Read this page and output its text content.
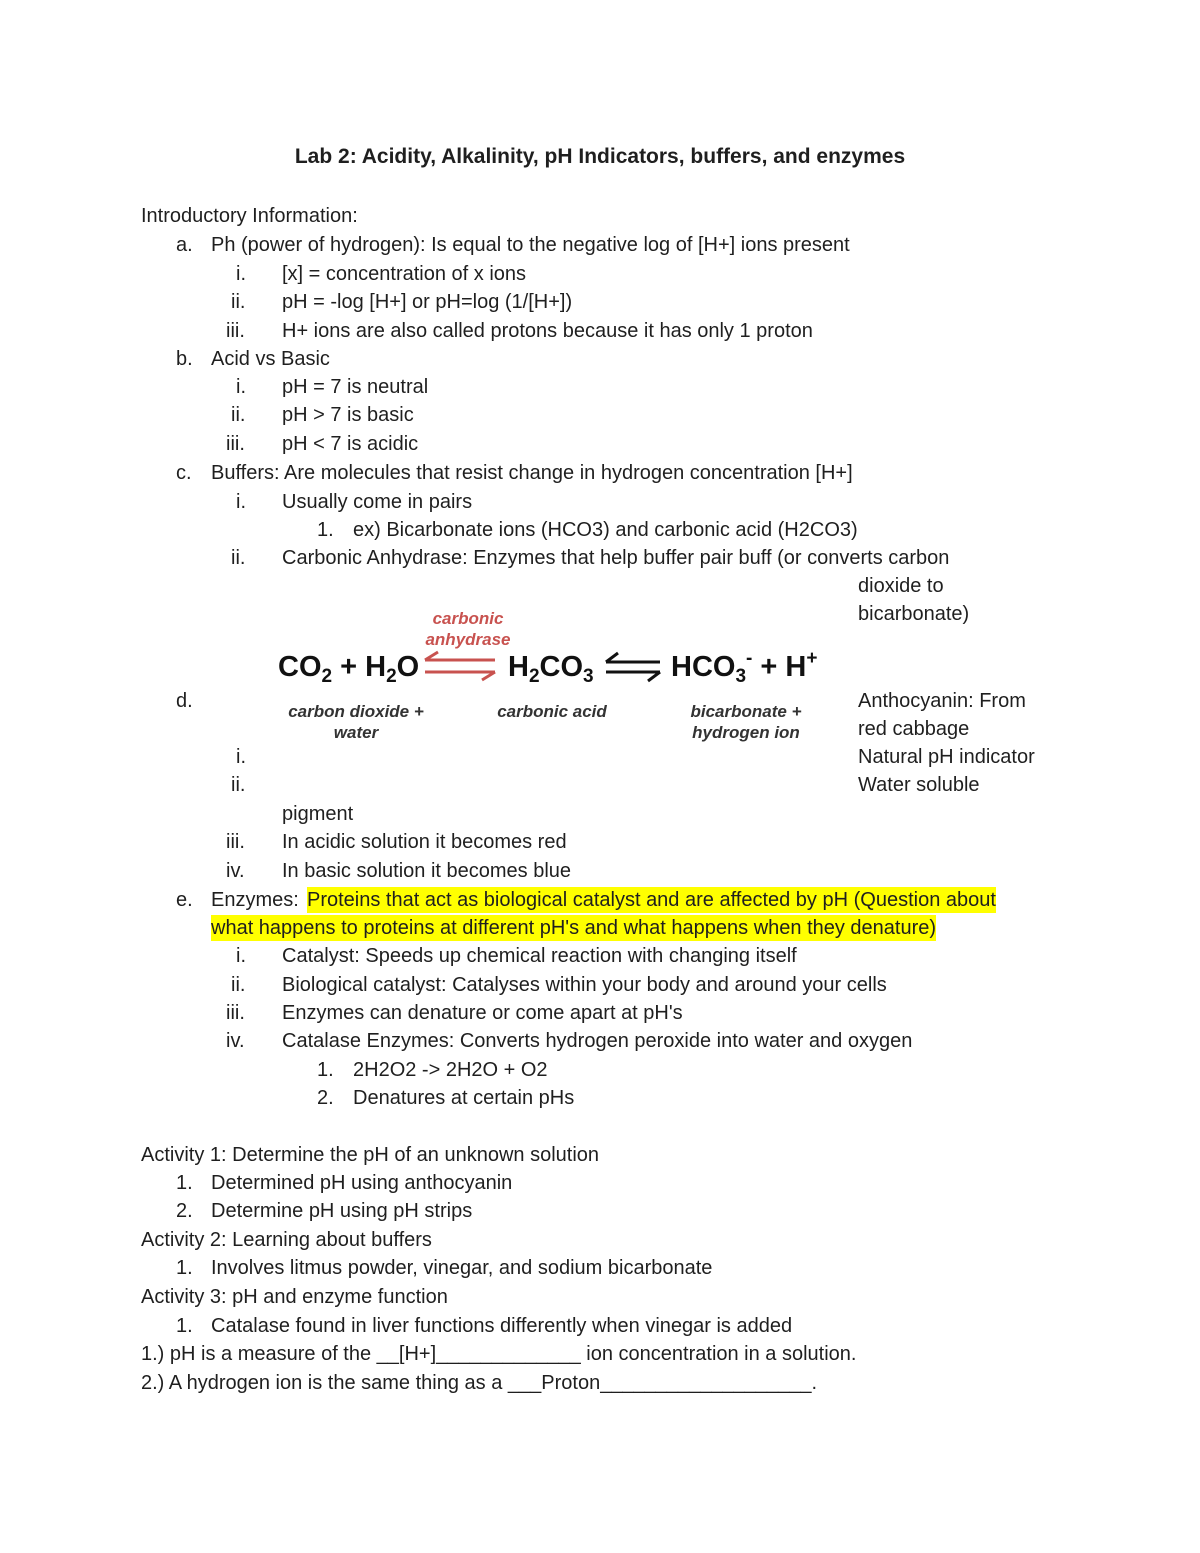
Lab 2: Acidity, Alkalinity, pH Indicators, buffers, and enzymes
Introductory Information:
a. Ph (power of hydrogen): Is equal to the negative log of [H+] ions present
i. [x] = concentration of x ions
ii. pH = -log [H+] or pH=log (1/[H+])
iii. H+ ions are also called protons because it has only 1 proton
b. Acid vs Basic
i. pH = 7 is neutral
ii. pH > 7 is basic
iii. pH < 7 is acidic
c. Buffers: Are molecules that resist change in hydrogen concentration [H+]
i. Usually come in pairs
1. ex) Bicarbonate ions (HCO3) and carbonic acid (H2CO3)
ii. Carbonic Anhydrase: Enzymes that help buffer pair buff (or converts carbon
dioxide to
bicarbonate)
carbonic
anhydrase
$CO_2 + H_2O$	$H_2CO_3$	$HCO_3^- + H^+$
carbon dioxide +
water
carbonic acid	bicarbonate +
hydrogen ion
d.	Anthocyanin: From
red cabbage
i.	Natural pH indicator
ii.	Water soluble
pigment
iii. In acidic solution it becomes red
iv. In basic solution it becomes blue
e. Enzymes: Proteins that act as biological catalyst and are affected by pH (Question about
what happens to proteins at different pH's and what happens when they denature)
i. Catalyst: Speeds up chemical reaction with changing itself
ii. Biological catalyst: Catalyses within your body and around your cells
iii. Enzymes can denature or come apart at pH's
iv. Catalase Enzymes: Converts hydrogen peroxide into water and oxygen
1. 2H2O2 -> 2H2O + O2
2. Denatures at certain pHs
Activity 1: Determine the pH of an unknown solution
1. Determined pH using anthocyanin
2. Determine pH using pH strips
Activity 2: Learning about buffers
1. Involves litmus powder, vinegar, and sodium bicarbonate
Activity 3: pH and enzyme function
1. Catalase found in liver functions differently when vinegar is added
1.) pH is a measure of the __[H+]_____________ ion concentration in a solution.
2.) A hydrogen ion is the same thing as a ___Proton___________________.
